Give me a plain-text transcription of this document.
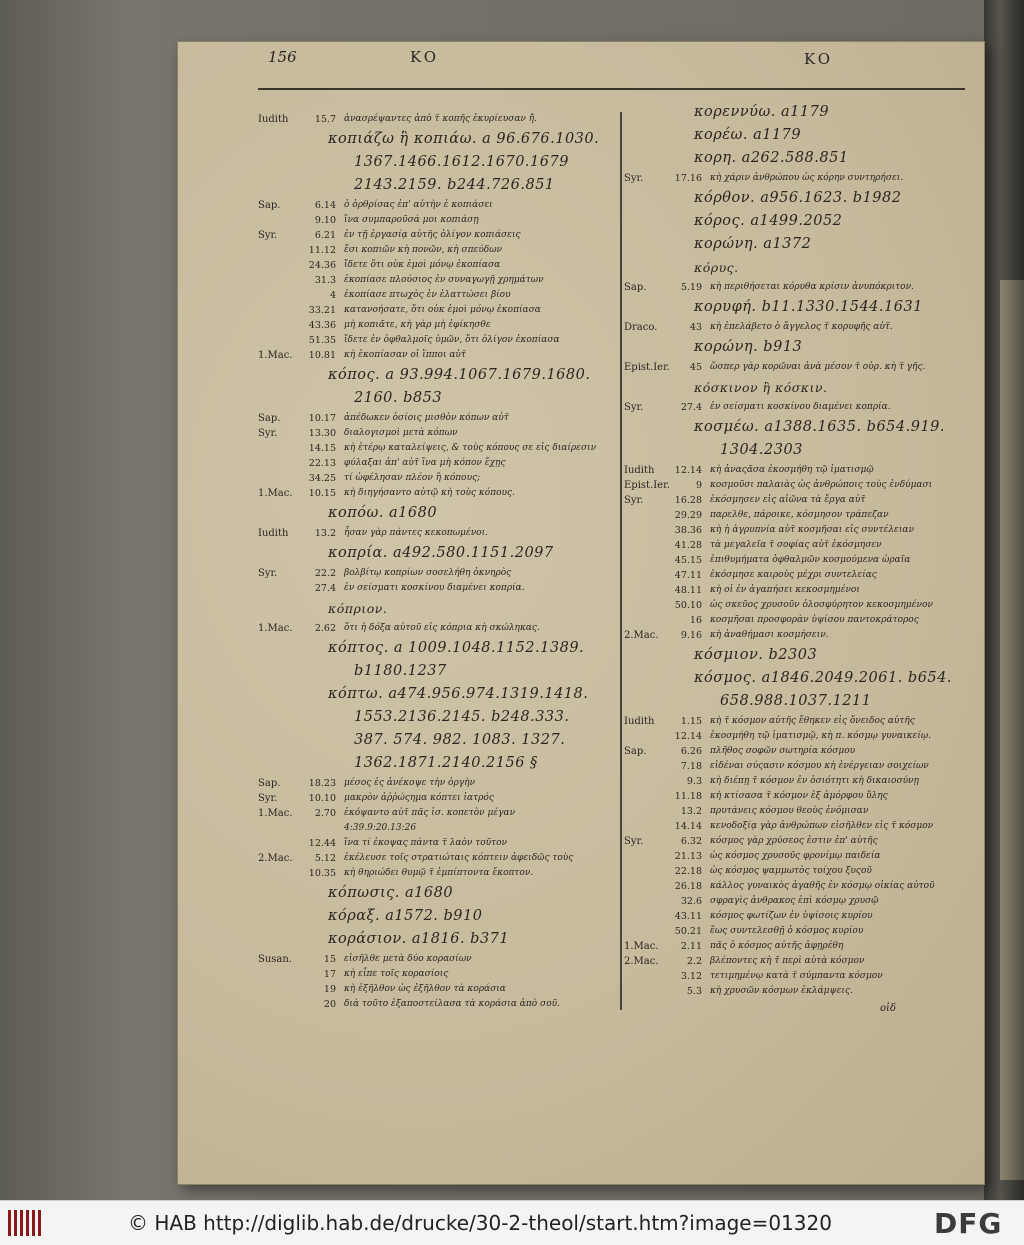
156	KO	KO
Iudith	15.7 ἀνασρέψαντες ἀπὸ τ̃ κοπῆς ἐκυρίευσαν ἡ̃.
κοπιάζω ἢ κοπιάω. a 96.676.1030.
1367.1466.1612.1670.1679
2143.2159. b244.726.851
Sap.	6.14 ὁ ὀρθρίσας ἐπ' αὐτὴν ἐ κοπιάσει
9.10 ἵνα συμπαροῦσά μοι κοπιάσῃ
Syr.	6.21 ἐν τῇ ἐργασίᾳ αὐτῆς ὀλίγον κοπιάσεις
11.12 ἔσι κοπιῶν κὴ πονῶν, κὴ σπεύδων
24.36 ἴδετε ὅτι οὐκ ἐμοὶ μόνῳ ἐκοπίασα
31.3 ἐκοπίασε πλούσιος ἐν συναγωγῇ χρημάτων
4 ἐκοπίασε πτωχὸς ἐν ἐλαττώσει βίου
33.21 κατανοήσατε, ὅτι οὐκ ἐμοὶ μόνῳ ἐκοπίασα
43.36 μὴ κοπιᾶτε, κὴ γὰρ μὴ ἐφίκησθε
51.35 ἴδετε ἐν ὀφθαλμοῖς ὑμῶν, ὅτι ὀλίγον ἐκοπίασα
1.Mac.	10.81 κὴ ἐκοπίασαν οἱ ἵπποι αὐτ̃
κόπος. a 93.994.1067.1679.1680.
2160. b853
Sap.	10.17 ἀπέδωκεν ὁσίοις μισθὸν κόπων αὐτ̃
Syr.	13.30 διαλογισμοὶ μετὰ κόπων
14.15 κὴ ἑτέρῳ καταλείψεις, & τοὺς κόπους σε εἰς διαίρεσιν
22.13 φύλαξαι ἀπ' αὐτ̃ ἵνα μὴ κόπον ἔχῃς
34.25 τί ὠφέλησαν πλέον ἢ κόπους;
1.Mac.	10.15 κὴ διηγήσαντο αὐτῷ κὴ τοὺς κόπους.
κοπόω. a1680
Iudith	13.2 ἦσαν γὰρ πάντες κεκοπωμένοι.
κοπρία. a492.580.1151.2097
Syr.	22.2 βολβίτῳ κοπρίων σοσελήθη ὀκνηρὸς
27.4 ἐν σείσματι κοσκίνου διαμένει κοπρία.
κόπριον.
1.Mac.	2.62 ὅτι ἡ δόξα αὐτοῦ εἰς κόπρια κὴ σκώληκας.
κόπτος. a 1009.1048.1152.1389.
b1180.1237
κόπτω. a474.956.974.1319.1418.
1553.2136.2145. b248.333.
387. 574. 982. 1083. 1327.
1362.1871.2140.2156 §
Sap.	18.23 μέσος ἐς ἀνέκοψε τὴν ὀργὴν
Syr.	10.10 μακρὸν ἀῤῥώςημα κόπτει ἰατρός
1.Mac.	2.70 ἐκόψαντο αὐτ̃ πᾶς ἰσ. κοπετὸν μέγαν
4:39.9:20.13:26
12.44 ἵνα τί ἐκοψας πάντα τ̃ λαὸν τοῦτον
2.Mac.	5.12 ἐκέλευσε τοῖς στρατιώταις κόπτειν ἀφειδῶς τοὺς
10.35 κὴ θηριώδει θυμῷ τ̃ ἐμπίπτοντα ἔκοπτον.
κόπωσις. a1680
κόραξ. a1572. b910
κοράσιον. a1816. b371
Susan.	15 εἰσῆλθε μετὰ δύο κορασίων
17 κὴ εἶπε τοῖς κορασίοις
19 κὴ ἐξῆλθον ὡς ἐξῆλθον τὰ κοράσια
20 διὰ τοῦτο ἐξαποστείλασα τὰ κοράσια ἀπὸ σοῦ.
κορεννύω. a1179
κορέω. a1179
κορη. a262.588.851
Syr.	17.16 κὴ χάριν ἀνθρώπου ὡς κόρην συντηρήσει.
κόρθον. a956.1623. b1982
κόρος. a1499.2052
κορώνη. a1372
κόρυς.
Sap.	5.19 κὴ περιθήσεται κόρυθα κρίσιν ἀνυπόκριτον.
κορυφή. b11.1330.1544.1631
Draco.	43 κὴ ἐπελάβετο ὁ ἄγγελος τ̃ κορυφῆς αὐτ̃.
κορώνη. b913
Epist.Ier.	45 ὥσπερ γὰρ κορῶναι ἀνὰ μέσον τ̃ οὐρ. κὴ τ̃ γῆς.
κόσκινον ἢ κόσκιν.
Syr.	27.4 ἐν σείσματι κοσκίνου διαμένει κοπρία.
κοσμέω. a1388.1635. b654.919.
1304.2303
Iudith	12.14 κὴ ἀναςᾶσα ἐκοσμήθη τῷ ἱματισμῷ
Epist.Ier.	9 κοσμοῦσι παλαιὰς ὡς ἀνθρώποις τοὺς ἐνδύμασι
Syr.	16.28 ἐκόσμησεν εἰς αἰῶνα τὰ ἔργα αὐτ̃
29.29 παρελθε, πάροικε, κόσμησον τράπεζαν
38.36 κὴ ἡ ἀγρυπνία αὐτ̃ κοσμῆσαι εἰς συντέλειαν
41.28 τὰ μεγαλεῖα τ̃ σοφίας αὐτ̃ ἐκόσμησεν
45.15 ἐπιθυμήματα ὀφθαλμῶν κοσμούμενα ὡραῖα
47.11 ἐκόσμησε καιροὺς μέχρι συντελείας
48.11 κὴ οἱ ἐν ἀγαπήσει κεκοσμημένοι
50.10 ὡς σκεῦος χρυσοῦν ὁλοσφύρητον κεκοσμημένον
16 κοσμῆσαι προσφορὰν ὑψίσου παντοκράτορος
2.Mac.	9.16 κὴ ἀναθήμασι κοσμήσειν.
κόσμιον. b2303
κόσμος. a1846.2049.2061. b654.
658.988.1037.1211
Iudith	1.15 κὴ τ̃ κόσμον αὐτῆς ἔθηκεν εἰς ὄνειδος αὐτῆς
12.14 ἐκοσμήθη τῷ ἱματισμῷ, κὴ π. κόσμῳ γυναικείῳ.
Sap.	6.26 πλῆθος σοφῶν σωτηρία κόσμου
7.18 εἰδέναι σύςασιν κόσμου κὴ ἐνέργειαν σοιχείων
9.3 κὴ διέπῃ τ̃ κόσμον ἐν ὁσιότητι κὴ δικαιοσύνῃ
11.18 κὴ κτίσασα τ̃ κόσμον ἐξ ἀμόρφου ὕλης
13.2 πρυτάνεις κόσμου θεοὺς ἐνόμισαν
14.14 κενοδοξίᾳ γὰρ ἀνθρώπων εἰσῆλθεν εἰς τ̃ κόσμον
Syr.	6.32 κόσμος γὰρ χρύσεος ἐστιν ἐπ' αὐτῆς
21.13 ὡς κόσμος χρυσοῦς φρονίμῳ παιδεία
22.18 ὡς κόσμος ψαμμωτὸς τοίχου ξυςοῦ
26.18 κάλλος γυναικὸς ἀγαθῆς ἐν κόσμῳ οἰκίας αὐτοῦ
32.6 σφραγὶς ἀνθρακος ἐπὶ κόσμῳ χρυσῷ
43.11 κόσμος φωτίζων ἐν ὑψίσοις κυρίου
50.21 ἕως συντελεσθῇ ὁ κόσμος κυρίου
1.Mac.	2.11 πᾶς ὁ κόσμος αὐτῆς ἀφῃρέθη
2.Mac.	2.2 βλέποντες κὴ τ̃ περὶ αὐτὰ κόσμον
3.12 τετιμημένῳ κατὰ τ̃ σύμπαντα κόσμον
5.3 κὴ χρυσῶν κόσμων ἐκλάμψεις.
οἰδ
© HAB http://diglib.hab.de/drucke/30-2-theol/start.htm?image=01320	DFG
